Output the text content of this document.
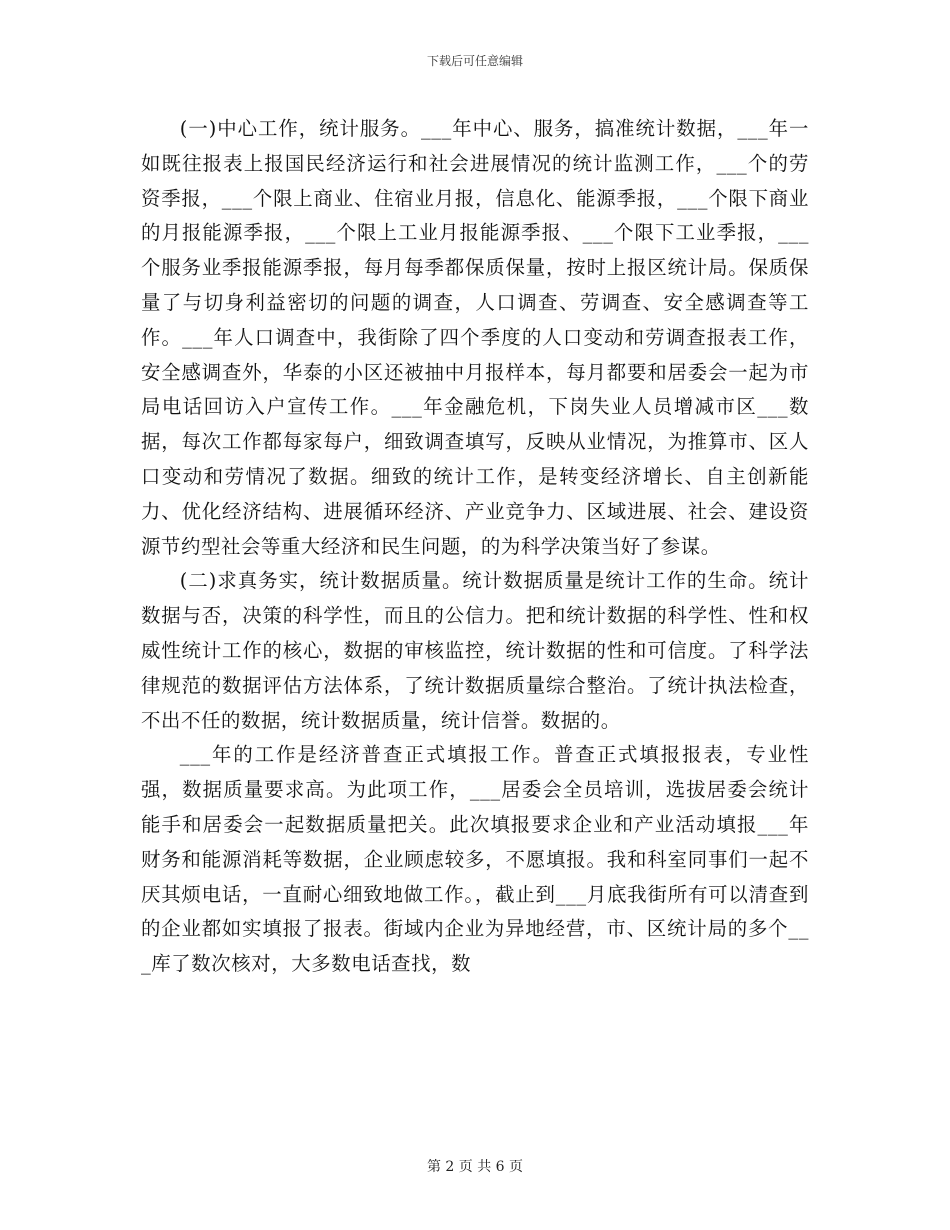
下载后可任意编辑

(一)中心工作，统计服务。___年中心、服务，搞准统计数据，___年一如既往报表上报国民经济运行和社会进展情况的统计监测工作，___个的劳资季报，___个限上商业、住宿业月报，信息化、能源季报，___个限下商业的月报能源季报，___个限上工业月报能源季报、___个限下工业季报，___个服务业季报能源季报，每月每季都保质保量，按时上报区统计局。保质保量了与切身利益密切的问题的调查，人口调查、劳调查、安全感调查等工作。___年人口调查中，我街除了四个季度的人口变动和劳调查报表工作，安全感调查外，华泰的小区还被抽中月报样本，每月都要和居委会一起为市局电话回访入户宣传工作。___年金融危机，下岗失业人员增减市区___数据，每次工作都每家每户，细致调查填写，反映从业情况，为推算市、区人口变动和劳情况了数据。细致的统计工作，是转变经济增长、自主创新能力、优化经济结构、进展循环经济、产业竞争力、区域进展、社会、建设资源节约型社会等重大经济和民生问题，的为科学决策当好了参谋。

(二)求真务实，统计数据质量。统计数据质量是统计工作的生命。统计数据与否，决策的科学性，而且的公信力。把和统计数据的科学性、性和权威性统计工作的核心，数据的审核监控，统计数据的性和可信度。了科学法律规范的数据评估方法体系，了统计数据质量综合整治。了统计执法检查，不出不任的数据，统计数据质量，统计信誉。数据的。

___年的工作是经济普查正式填报工作。普查正式填报报表，专业性强，数据质量要求高。为此项工作，___居委会全员培训，选拔居委会统计能手和居委会一起数据质量把关。此次填报要求企业和产业活动填报___年财务和能源消耗等数据，企业顾虑较多，不愿填报。我和科室同事们一起不厌其烦电话，一直耐心细致地做工作。，截止到___月底我街所有可以清查到的企业都如实填报了报表。街域内企业为异地经营，市、区统计局的多个___库了数次核对，大多数电话查找，数

第 2 页 共 6 页
